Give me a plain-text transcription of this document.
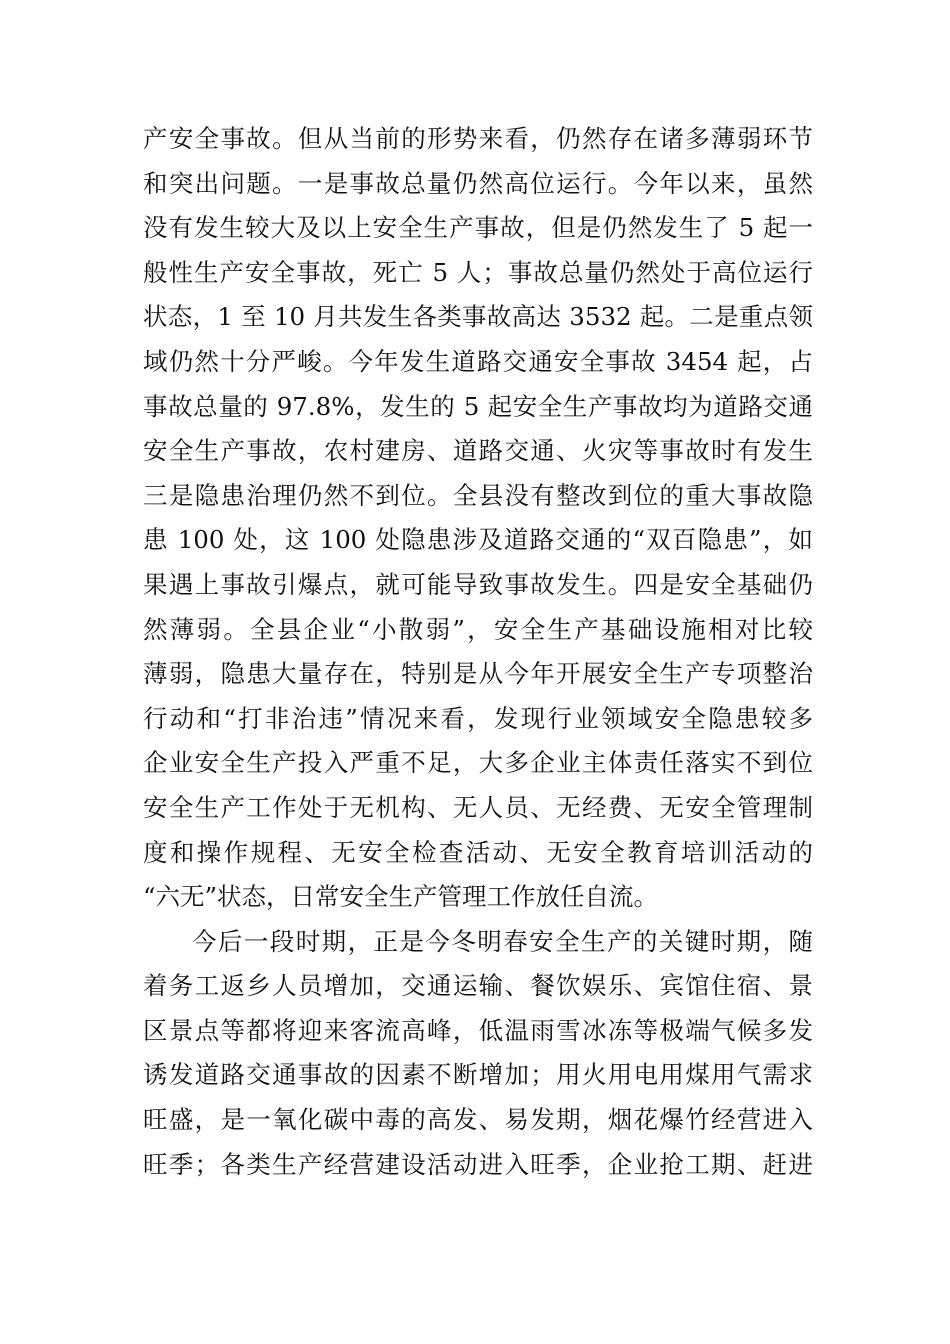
产安全事故。但从当前的形势来看，仍然存在诸多薄弱环节
和突出问题。一是事故总量仍然高位运行。今年以来，虽然
没有发生较大及以上安全生产事故，但是仍然发生了 5 起一
般性生产安全事故，死亡 5 人；事故总量仍然处于高位运行
状态，1 至 10 月共发生各类事故高达 3532 起。二是重点领
域仍然十分严峻。今年发生道路交通安全事故 3454 起，占
事故总量的 97.8%，发生的 5 起安全生产事故均为道路交通
安全生产事故，农村建房、道路交通、火灾等事故时有发生
三是隐患治理仍然不到位。全县没有整改到位的重大事故隐
患 100 处，这 100 处隐患涉及道路交通的“双百隐患”，如
果遇上事故引爆点，就可能导致事故发生。四是安全基础仍
然薄弱。全县企业“小散弱”，安全生产基础设施相对比较
薄弱，隐患大量存在，特别是从今年开展安全生产专项整治
行动和“打非治违”情况来看，发现行业领域安全隐患较多
企业安全生产投入严重不足，大多企业主体责任落实不到位
安全生产工作处于无机构、无人员、无经费、无安全管理制
度和操作规程、无安全检查活动、无安全教育培训活动的
“六无”状态，日常安全生产管理工作放任自流。
今后一段时期，正是今冬明春安全生产的关键时期，随
着务工返乡人员增加，交通运输、餐饮娱乐、宾馆住宿、景
区景点等都将迎来客流高峰，低温雨雪冰冻等极端气候多发
诱发道路交通事故的因素不断增加；用火用电用煤用气需求
旺盛，是一氧化碳中毒的高发、易发期，烟花爆竹经营进入
旺季；各类生产经营建设活动进入旺季，企业抢工期、赶进
